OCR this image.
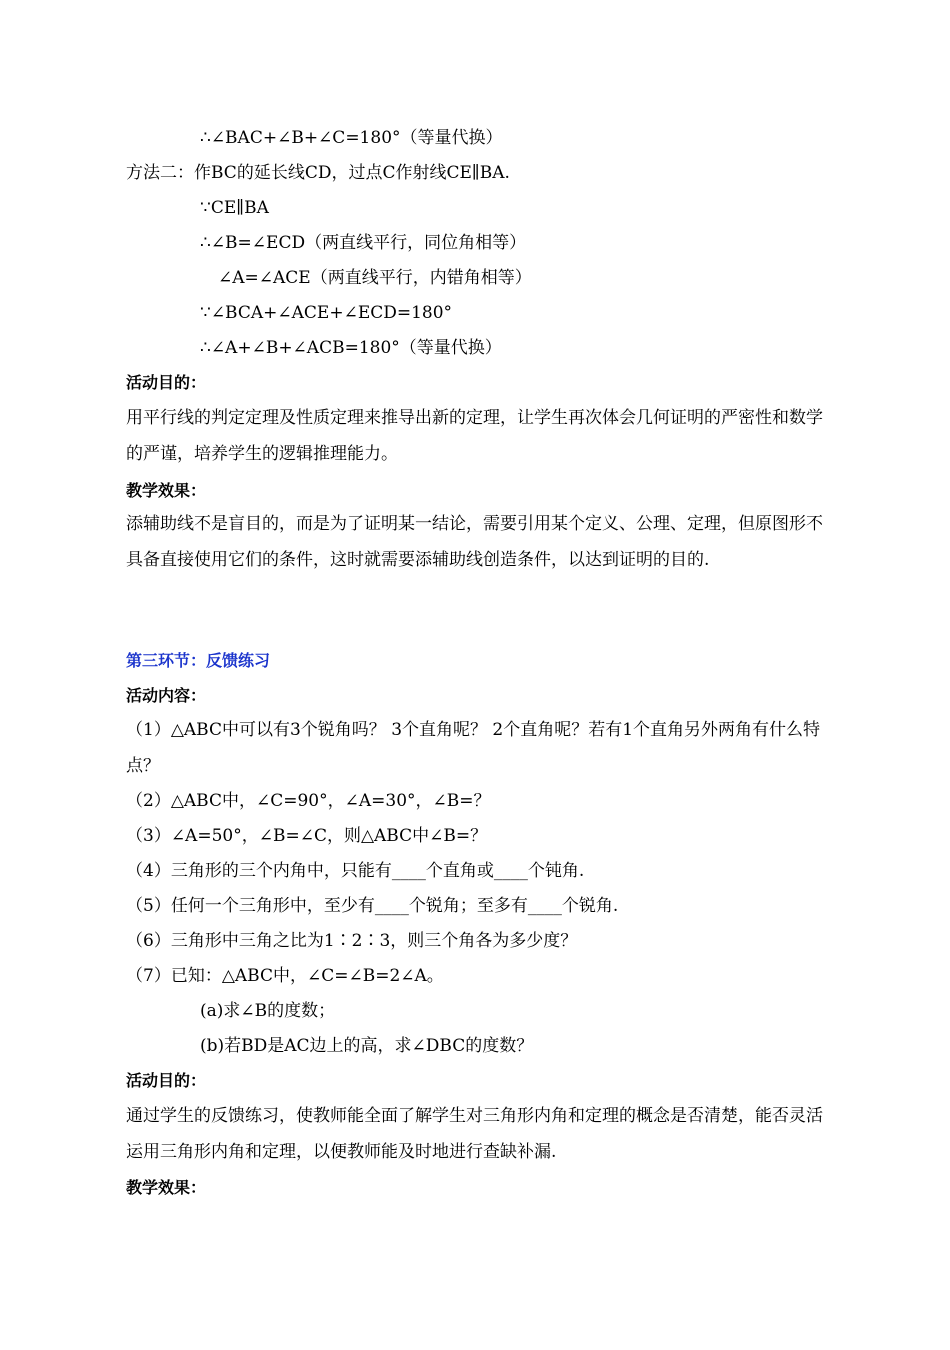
∴∠BAC+∠B+∠C=180°（等量代换）
方法二：作BC的延长线CD，过点C作射线CE∥BA.
∵CE∥BA
∴∠B=∠ECD（两直线平行，同位角相等）
∠A=∠ACE（两直线平行，内错角相等）
∵∠BCA+∠ACE+∠ECD=180°
∴∠A+∠B+∠ACB=180°（等量代换）
活动目的：
用平行线的判定定理及性质定理来推导出新的定理，让学生再次体会几何证明的严密性和数学的严谨，培养学生的逻辑推理能力。
教学效果：
添辅助线不是盲目的，而是为了证明某一结论，需要引用某个定义、公理、定理，但原图形不具备直接使用它们的条件，这时就需要添辅助线创造条件，以达到证明的目的.
第三环节：反馈练习
活动内容：
（1）△ABC中可以有3个锐角吗？ 3个直角呢？ 2个直角呢？若有1个直角另外两角有什么特点？
（2）△ABC中，∠C=90°，∠A=30°，∠B=？
（3）∠A=50°，∠B=∠C，则△ABC中∠B=？
（4）三角形的三个内角中，只能有____个直角或____个钝角.
（5）任何一个三角形中，至少有____个锐角；至多有____个锐角.
（6）三角形中三角之比为1∶2∶3，则三个角各为多少度？
（7）已知：△ABC中，∠C=∠B=2∠A。
(a)求∠B的度数；
(b)若BD是AC边上的高，求∠DBC的度数？
活动目的：
通过学生的反馈练习，使教师能全面了解学生对三角形内角和定理的概念是否清楚，能否灵活运用三角形内角和定理，以便教师能及时地进行查缺补漏.
教学效果：
